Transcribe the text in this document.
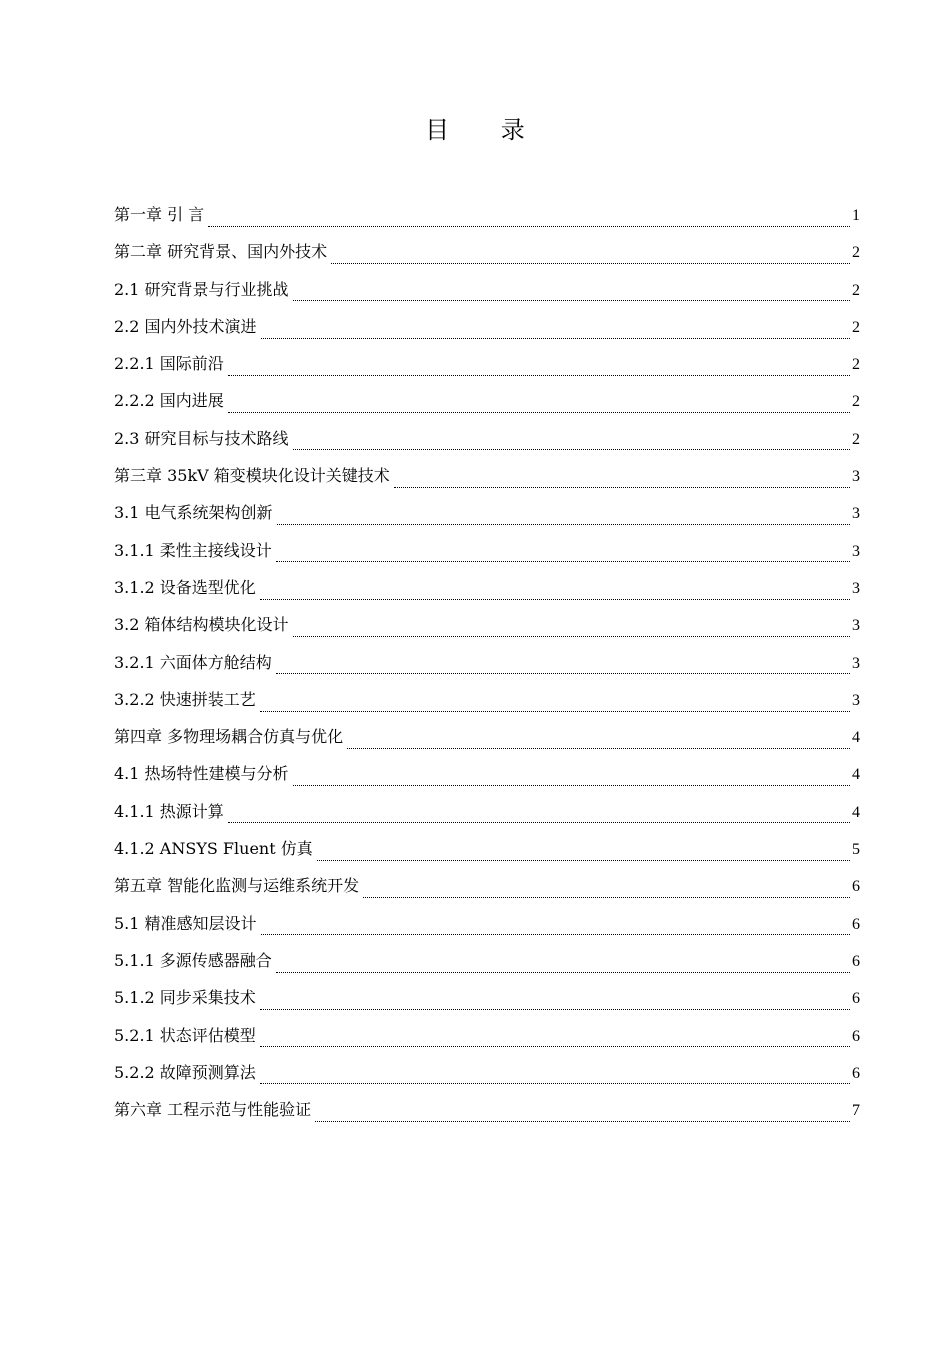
目 录
第一章 引 言	1
第二章 研究背景、国内外技术	2
2.1 研究背景与行业挑战	2
2.2 国内外技术演进	2
2.2.1 国际前沿	2
2.2.2 国内进展	2
2.3 研究目标与技术路线	2
第三章 35kV 箱变模块化设计关键技术	3
3.1 电气系统架构创新	3
3.1.1 柔性主接线设计	3
3.1.2 设备选型优化	3
3.2 箱体结构模块化设计	3
3.2.1 六面体方舱结构	3
3.2.2 快速拼装工艺	3
第四章 多物理场耦合仿真与优化	4
4.1 热场特性建模与分析	4
4.1.1 热源计算	4
4.1.2 ANSYS Fluent 仿真	5
第五章 智能化监测与运维系统开发	6
5.1 精准感知层设计	6
5.1.1 多源传感器融合	6
5.1.2 同步采集技术	6
5.2.1 状态评估模型	6
5.2.2 故障预测算法	6
第六章 工程示范与性能验证	7
